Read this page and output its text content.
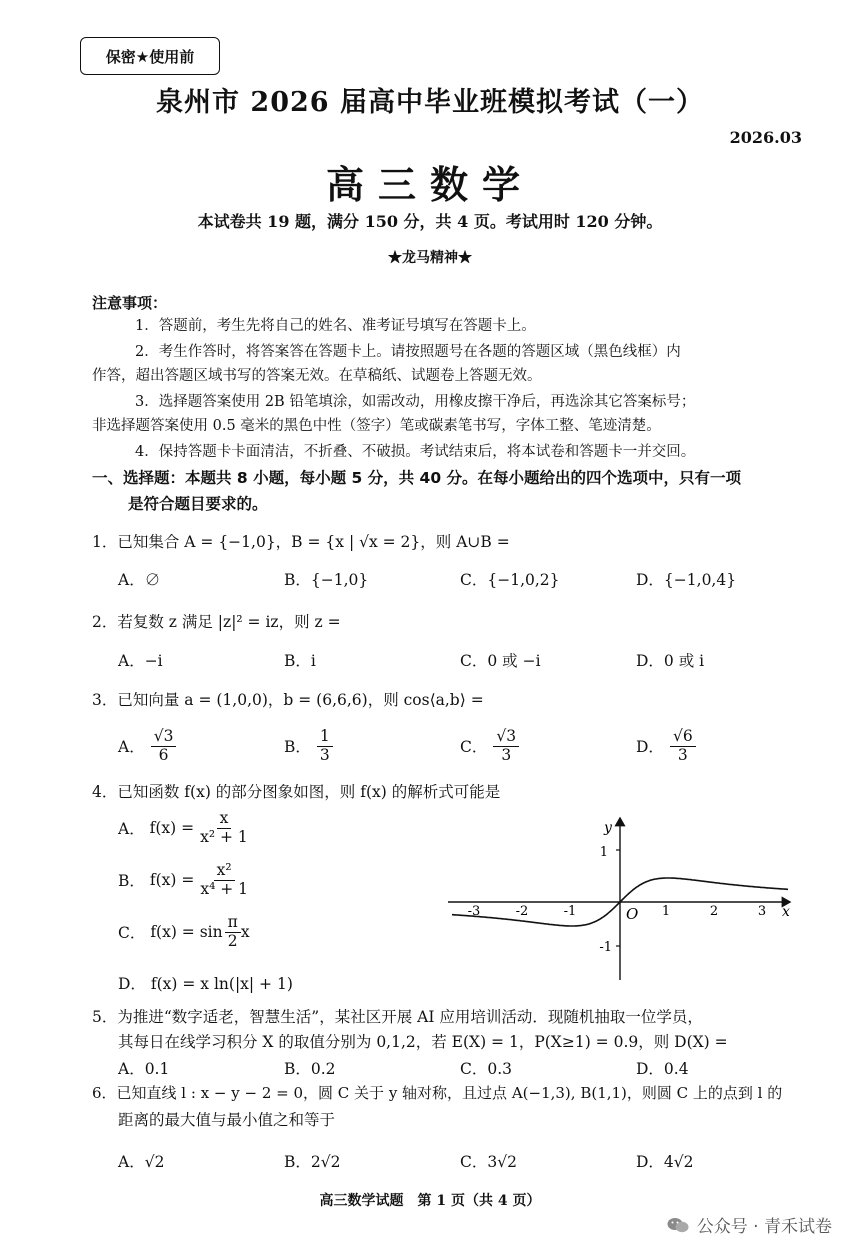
保密★使用前
泉州市 2026 届高中毕业班模拟考试（一）
2026.03
高三数学
本试卷共 19 题，满分 150 分，共 4 页。考试用时 120 分钟。
★龙马精神★
注意事项：
1．答题前，考生先将自己的姓名、准考证号填写在答题卡上。
2．考生作答时，将答案答在答题卡上。请按照题号在各题的答题区域（黑色线框）内
作答，超出答题区域书写的答案无效。在草稿纸、试题卷上答题无效。
3．选择题答案使用 2B 铅笔填涂，如需改动，用橡皮擦干净后，再选涂其它答案标号；
非选择题答案使用 0.5 毫米的黑色中性（签字）笔或碳素笔书写，字体工整、笔迹清楚。
4．保持答题卡卡面清洁，不折叠、不破损。考试结束后，将本试卷和答题卡一并交回。
一、选择题：本题共 8 小题，每小题 5 分，共 40 分。在每小题给出的四个选项中，只有一项
是符合题目要求的。
1．已知集合 A = {−1,0}，B = {x | √x = 2}，则 A∪B =
A．∅	B．{−1,0}	C．{−1,0,2}	D．{−1,0,4}
2．若复数 z 满足 |z|² = iz，则 z =
A．−i	B．i	C．0 或 −i	D．0 或 i
3．已知向量 a = (1,0,0)，b = (6,6,6)，则 cos⟨a,b⟩ =
A． $\frac{√3}{6}$	B． $\frac{1}{3}$	C． $\frac{√3}{3}$	D． $\frac{√6}{3}$
4．已知函数 f(x) 的部分图象如图，则 f(x) 的解析式可能是
A．
$f(x) = \frac{x}{\text{x² + 1}}$
B．
$f(x) = \frac{\text{x²}}{\text{x⁴ + 1}}$
C．
$f(x) = \sin \frac{\pi}{2}$ x
D． f(x) = x ln(|x| + 1)
-3	-2	-1	1	2	3
1
-1
O	x
y
5．为推进“数字适老，智慧生活”，某社区开展 AI 应用培训活动．现随机抽取一位学员，
其每日在线学习积分 X 的取值分别为 0,1,2，若 E(X) = 1，P(X≥1) = 0.9，则 D(X) =
A．0.1	B．0.2	C．0.3	D．0.4
6．已知直线 l : x − y − 2 = 0，圆 C 关于 y 轴对称，且过点 A(−1,3), B(1,1)，则圆 C 上的点到 l 的
距离的最大值与最小值之和等于
A．√2	B．2√2	C．3√2	D．4√2
高三数学试题　第 1 页（共 4 页）
公众号 · 青禾试卷
